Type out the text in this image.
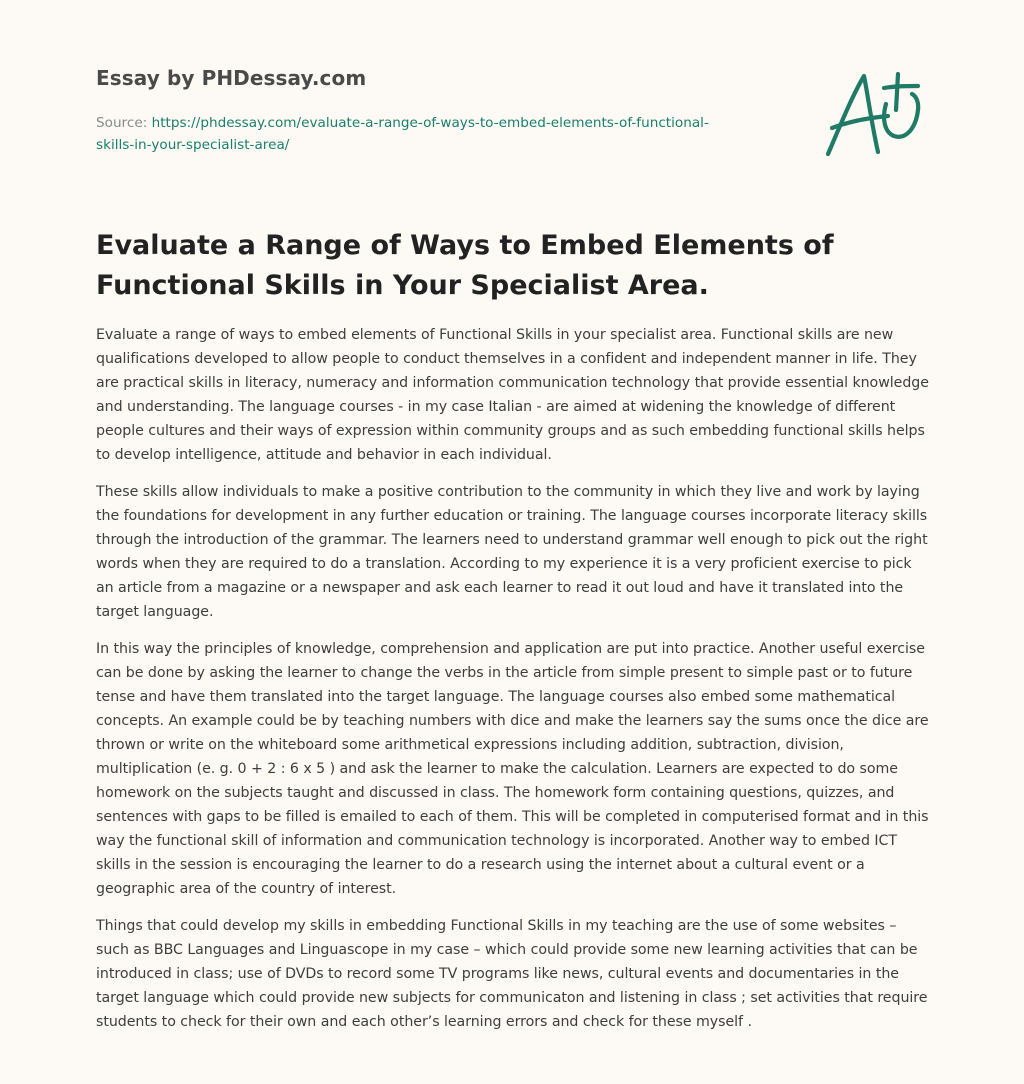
Essay by PHDessay.com
Source: https://phdessay.com/evaluate-a-range-of-ways-to-embed-elements-of-functional-skills-in-your-specialist-area/
Evaluate a Range of Ways to Embed Elements of Functional Skills in Your Specialist Area.

Evaluate a range of ways to embed elements of Functional Skills in your specialist area. Functional skills are new qualifications developed to allow people to conduct themselves in a confident and independent manner in life. They are practical skills in literacy, numeracy and information communication technology that provide essential knowledge and understanding. The language courses - in my case Italian - are aimed at widening the knowledge of different people cultures and their ways of expression within community groups and as such embedding functional skills helps to develop intelligence, attitude and behavior in each individual.

These skills allow individuals to make a positive contribution to the community in which they live and work by laying the foundations for development in any further education or training. The language courses incorporate literacy skills through the introduction of the grammar. The learners need to understand grammar well enough to pick out the right words when they are required to do a translation. According to my experience it is a very proficient exercise to pick an article from a magazine or a newspaper and ask each learner to read it out loud and have it translated into the target language.

In this way the principles of knowledge, comprehension and application are put into practice. Another useful exercise can be done by asking the learner to change the verbs in the article from simple present to simple past or to future tense and have them translated into the target language. The language courses also embed some mathematical concepts. An example could be by teaching numbers with dice and make the learners say the sums once the dice are thrown or write on the whiteboard some arithmetical expressions including addition, subtraction, division, multiplication (e. g. 0 + 2 : 6 x 5 ) and ask the learner to make the calculation. Learners are expected to do some homework on the subjects taught and discussed in class. The homework form containing questions, quizzes, and sentences with gaps to be filled is emailed to each of them. This will be completed in computerised format and in this way the functional skill of information and communication technology is incorporated. Another way to embed ICT skills in the session is encouraging the learner to do a research using the internet about a cultural event or a geographic area of the country of interest.

Things that could develop my skills in embedding Functional Skills in my teaching are the use of some websites – such as BBC Languages and Linguascope in my case – which could provide some new learning activities that can be introduced in class; use of DVDs to record some TV programs like news, cultural events and documentaries in the target language which could provide new subjects for communicaton and listening in class ; set activities that require students to check for their own and each other’s learning errors and check for these myself .
